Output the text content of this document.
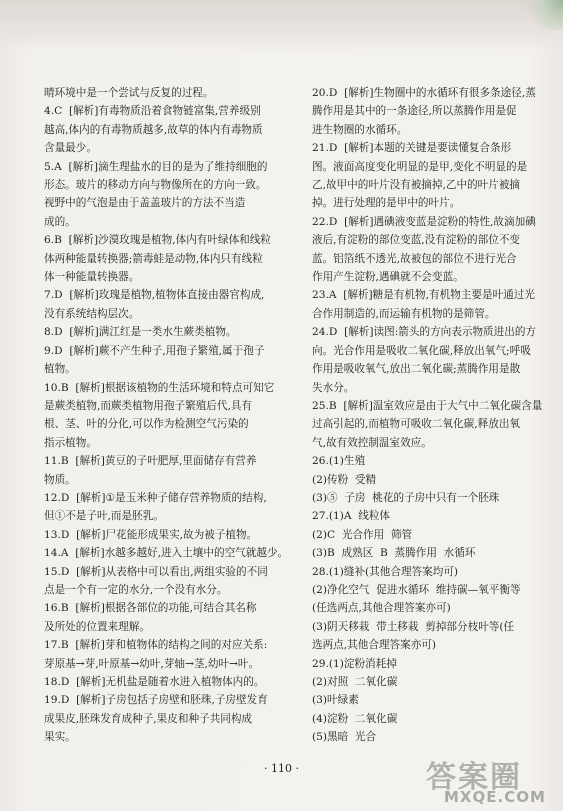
晴环境中是一个尝试与反复的过程。

4.C  [解析]有毒物质沿着食物链富集,营养级别

越高,体内的有毒物质越多,故草的体内有毒物质

含量最少。

5.A  [解析]滴生理盐水的目的是为了维持细胞的

形态。玻片的移动方向与物像所在的方向一致。

视野中的气泡是由于盖盖玻片的方法不当造

成的。

6.B  [解析]沙漠玫瑰是植物,体内有叶绿体和线粒

体两种能量转换器;箭毒蛙是动物,体内只有线粒

体一种能量转换器。

7.D  [解析]玫瑰是植物,植物体直接由器官构成,

没有系统结构层次。

8.D  [解析]满江红是一类水生蕨类植物。

9.D  [解析]蕨不产生种子,用孢子繁殖,属于孢子

植物。

10.B  [解析]根据该植物的生活环境和特点可知它

是蕨类植物,而蕨类植物用孢子繁殖后代,具有

根、茎、叶的分化,可以作为检测空气污染的

指示植物。

11.B  [解析]黄豆的子叶肥厚,里面储存有营养

物质。

12.D  [解析]①是玉米种子储存营养物质的结构,

但①不是子叶,而是胚乳。

13.D  [解析]尸花能形成果实,故为被子植物。

14.A  [解析]水越多越好,进入土壤中的空气就越少。

15.D  [解析]从表格中可以看出,两组实验的不同

点是一个有一定的水分,一个没有水分。

16.B  [解析]根据各部位的功能,可结合其名称

及所处的位置来理解。

17.B  [解析]芽和植物体的结构之间的对应关系:

芽原基→芽,叶原基→幼叶,芽轴→茎,幼叶→叶。

18.D  [解析]无机盐是随着水进入植物体内的。

19.D  [解析]子房包括子房壁和胚珠,子房壁发育

成果皮,胚珠发育成种子,果皮和种子共同构成

果实。

20.D  [解析]生物圈中的水循环有很多条途径,蒸

腾作用是其中的一条途径,所以蒸腾作用是促

进生物圈的水循环。

21.D  [解析]本题的关键是要读懂复合条形

图。液面高度变化明显的是甲,变化不明显的是

乙,故甲中的叶片没有被摘掉,乙中的叶片被摘

掉。进行处理的是甲中的叶片。

22.D  [解析]遇碘液变蓝是淀粉的特性,故滴加碘

液后,有淀粉的部位变蓝,没有淀粉的部位不变

蓝。铝箔纸不透光,故被包的部位不进行光合

作用产生淀粉,遇碘就不会变蓝。

23.A  [解析]糖是有机物,有机物主要是叶通过光

合作用制造的,而运输有机物的是筛管。

24.D  [解析]读图:箭头的方向表示物质进出的方

向。光合作用是吸收二氧化碳,释放出氧气;呼吸

作用是吸收氧气,放出二氧化碳;蒸腾作用是散

失水分。

25.B  [解析]温室效应是由于大气中二氧化碳含量

过高引起的,而植物可吸收二氧化碳,释放出氧

气,故有效控制温室效应。

26.(1)生殖

(2)传粉  受精

(3)⑤  子房  桃花的子房中只有一个胚珠

27.(1)A  线粒体

(2)C  光合作用  筛管

(3)B  成熟区  B  蒸腾作用  水循环

28.(1)缝补(其他合理答案均可)

(2)净化空气  促进水循环  维持碳—氧平衡等

(任选两点,其他合理答案亦可)

(3)阴天移栽  带土移栽  剪掉部分枝叶等(任

选两点,其他合理答案亦可)

29.(1)淀粉消耗掉

(2)对照  二氧化碳

(3)叶绿素

(4)淀粉  二氧化碳

(5)黑暗  光合

· 110 ·	答案圈
MXQE.COM
